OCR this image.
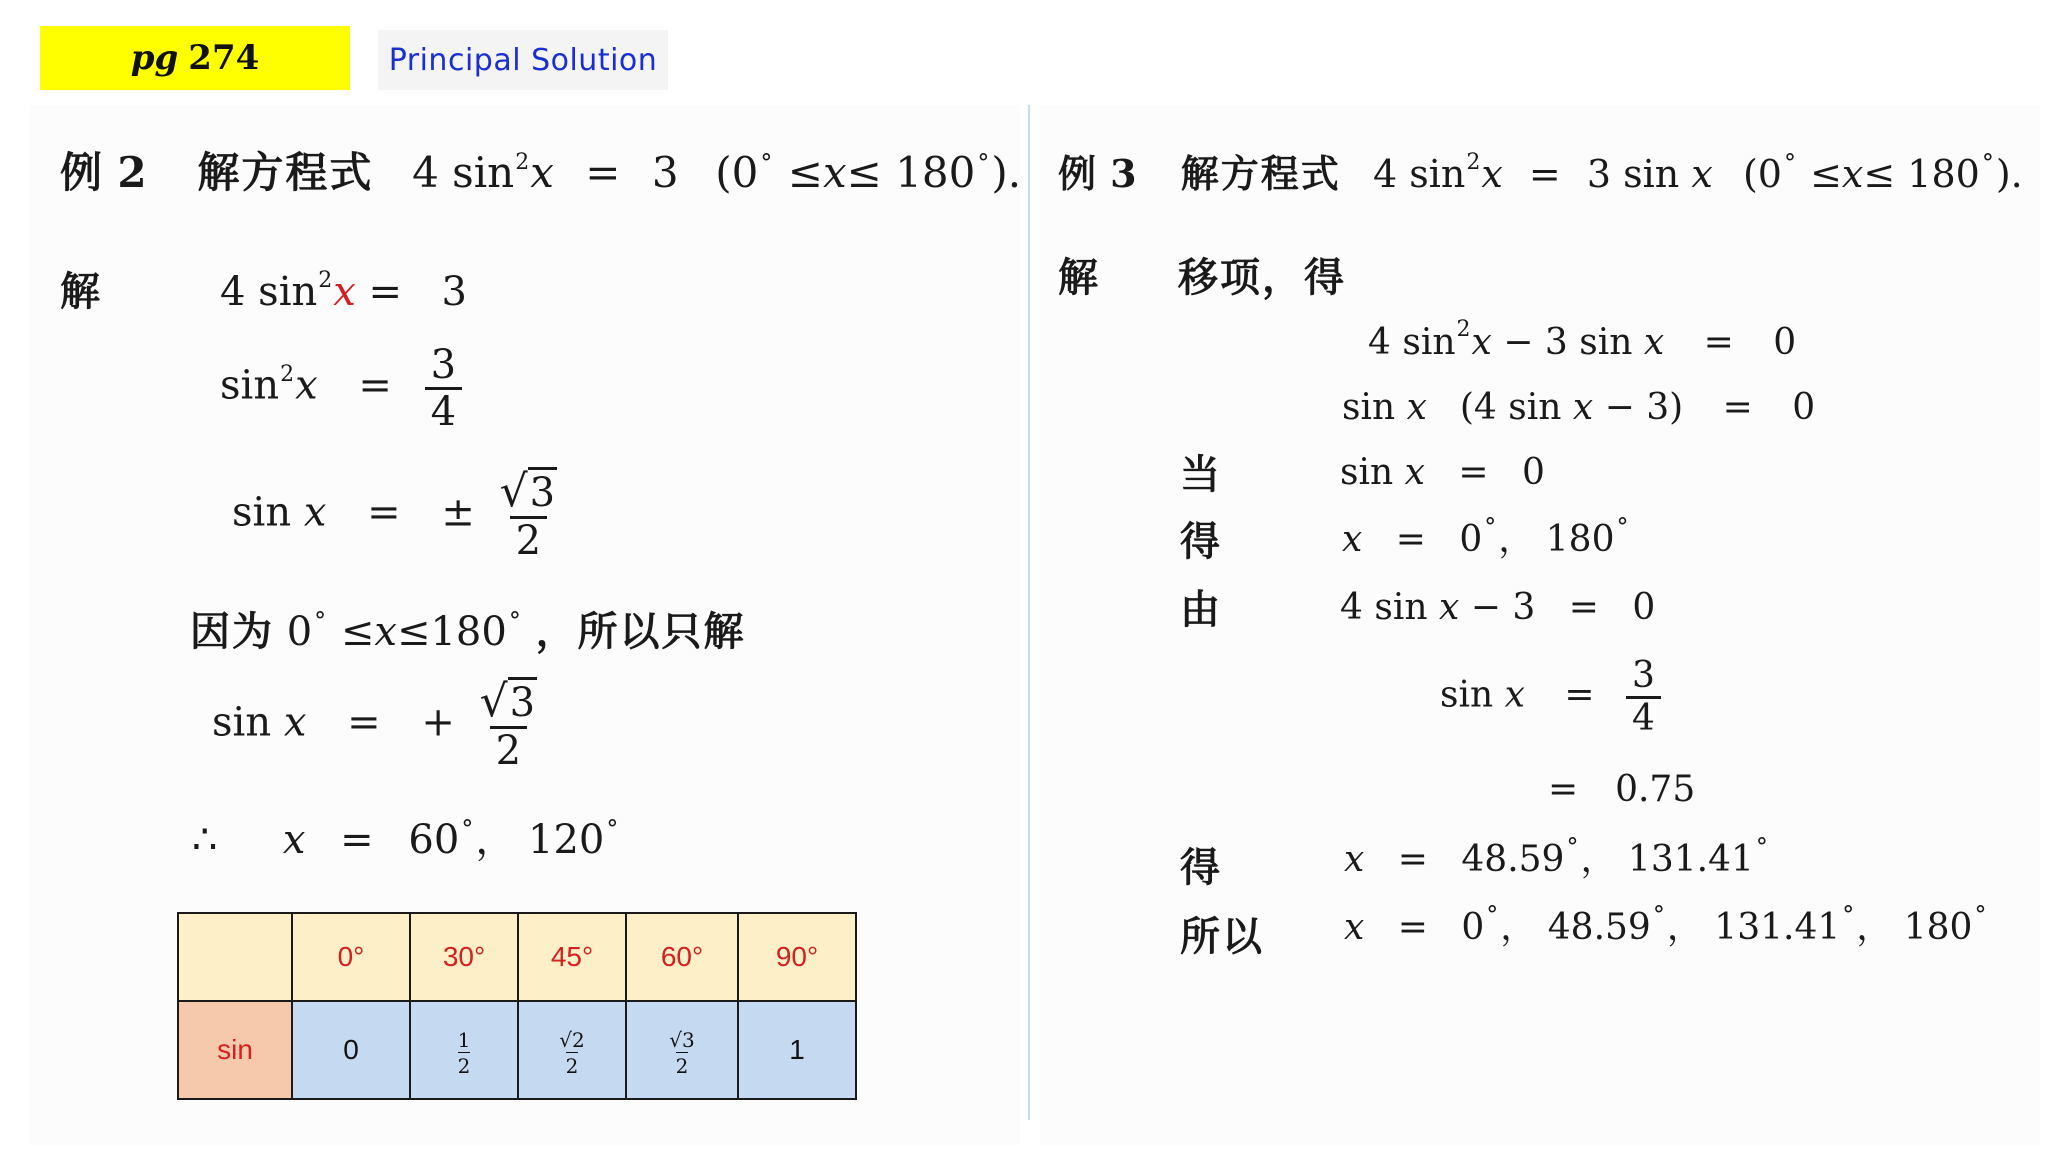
pg 274	Principal Solution
例 2 解方程式 4 $\sin^2x = 3$ (0° ≤x≤ 180°).
解	4 $\sin^2x = 3$
$\sin^2x = \frac{3}{4}$
sin x = ± $\frac{√3}{2}$
因为 0° ≤x≤180° ，所以只解
sin x = + $\frac{√3}{2}$
∴ x = 60°， 120°
	0°	30°	45°	60°	90°
sin	0	$\frac{1}{2}$	$\frac{√2}{2}$	$\frac{√3}{2}$	1
例 3 解方程式 4 $\sin^2x = 3$ sin x (0° ≤x≤ 180°).
解 移项，得
4 $\sin^2x - 3$ sin x = 0
sin x (4 sin x − 3) = 0
当	sin x = 0
得	x = 0°， 180°
由	4 sin x − 3 = 0
$\sin x = \frac{3}{4}$
= 0.75
得	x = 48.59°， 131.41°
所以 x = 0°， 48.59°， 131.41°， 180°
